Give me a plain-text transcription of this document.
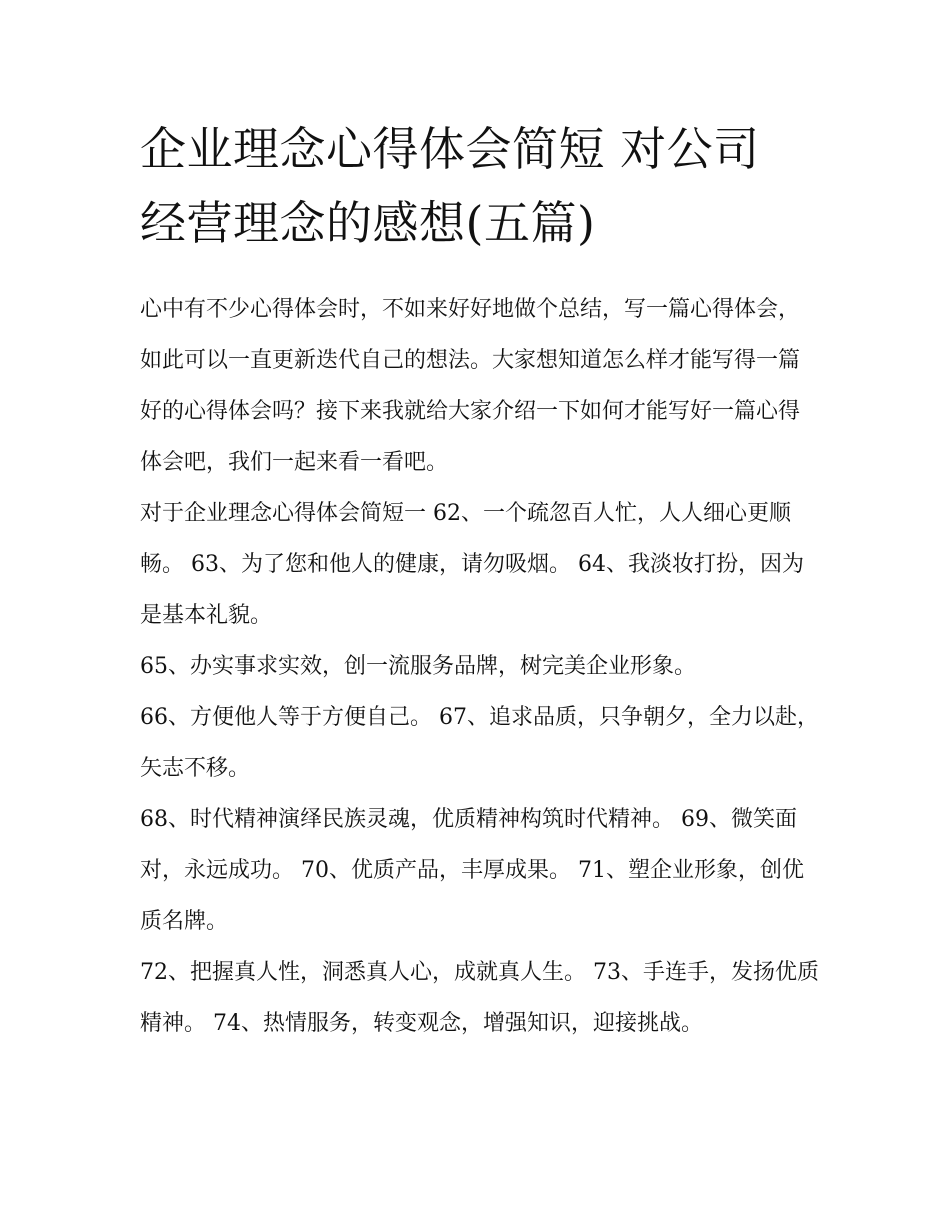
企业理念心得体会简短 对公司
经营理念的感想(五篇)

心中有不少心得体会时，不如来好好地做个总结，写一篇心得体会，如此可以一直更新迭代自己的想法。大家想知道怎么样才能写得一篇好的心得体会吗？接下来我就给大家介绍一下如何才能写好一篇心得体会吧，我们一起来看一看吧。

对于企业理念心得体会简短一 62、一个疏忽百人忙，人人细心更顺畅。 63、为了您和他人的健康，请勿吸烟。 64、我淡妆打扮，因为是基本礼貌。

65、办实事求实效，创一流服务品牌，树完美企业形象。

66、方便他人等于方便自己。 67、追求品质，只争朝夕，全力以赴，矢志不移。

68、时代精神演绎民族灵魂，优质精神构筑时代精神。 69、微笑面对，永远成功。 70、优质产品，丰厚成果。 71、塑企业形象，创优质名牌。

72、把握真人性，洞悉真人心，成就真人生。 73、手连手，发扬优质精神。 74、热情服务，转变观念，增强知识，迎接挑战。
